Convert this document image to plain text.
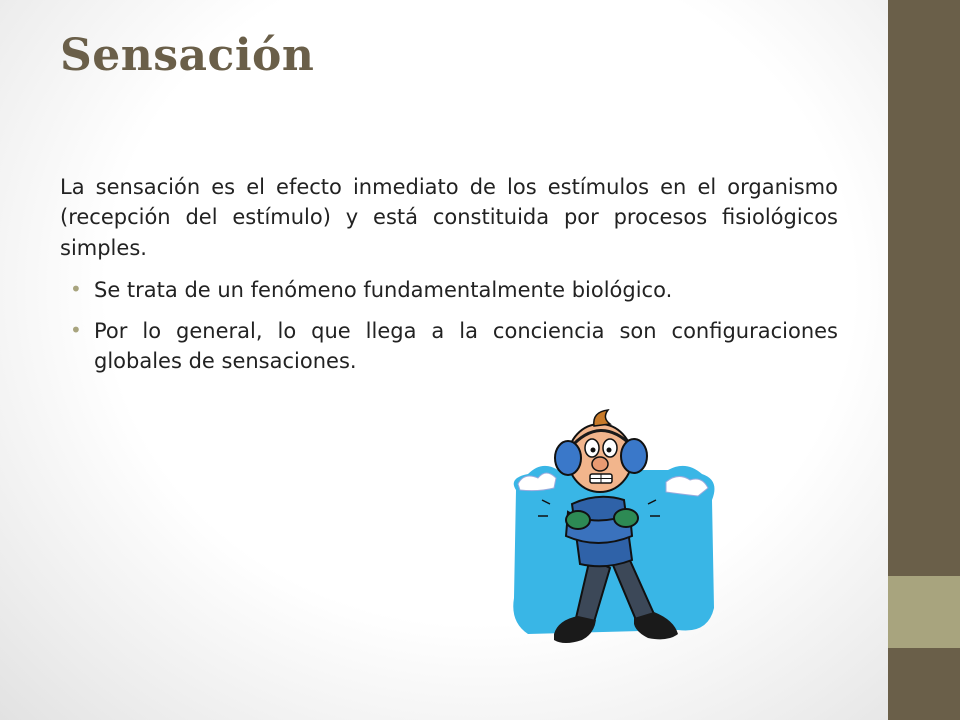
Sensación

La sensación es el efecto inmediato de los estímulos en el organismo (recepción del estímulo) y está constituida por procesos fisiológicos simples.

• Se trata de un fenómeno fundamentalmente biológico.
• Por lo general, lo que llega a la conciencia son configuraciones globales de sensaciones.
